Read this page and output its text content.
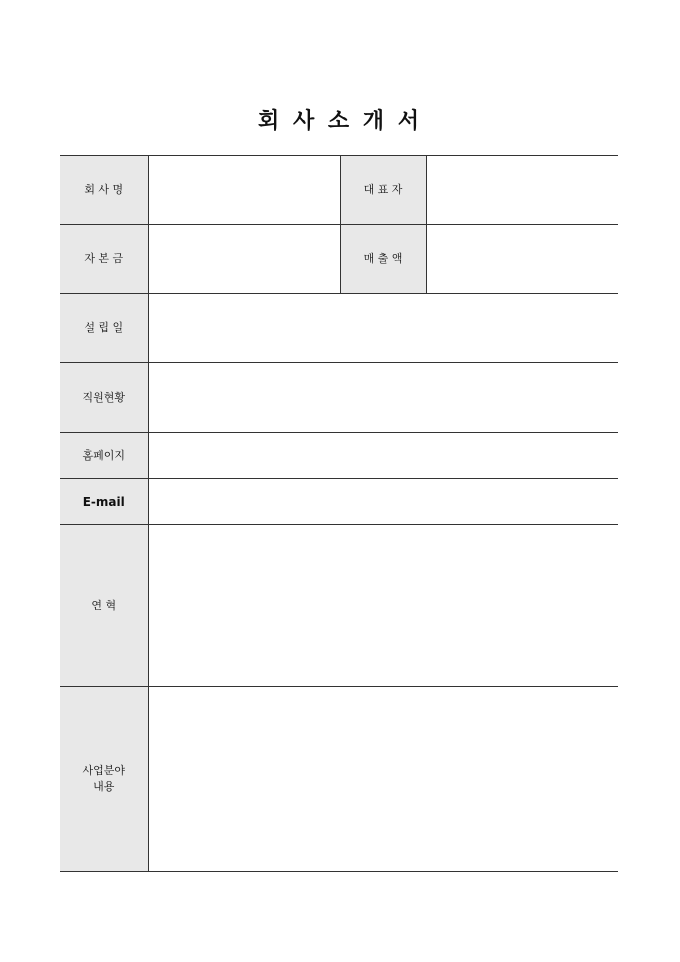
회 사 소 개 서
회 사 명		대 표 자	
자 본 금		매 출 액	
설 립 일			
직원현황			
홈페이지			
E-mail			
연 혁			
사업분야
내용			
